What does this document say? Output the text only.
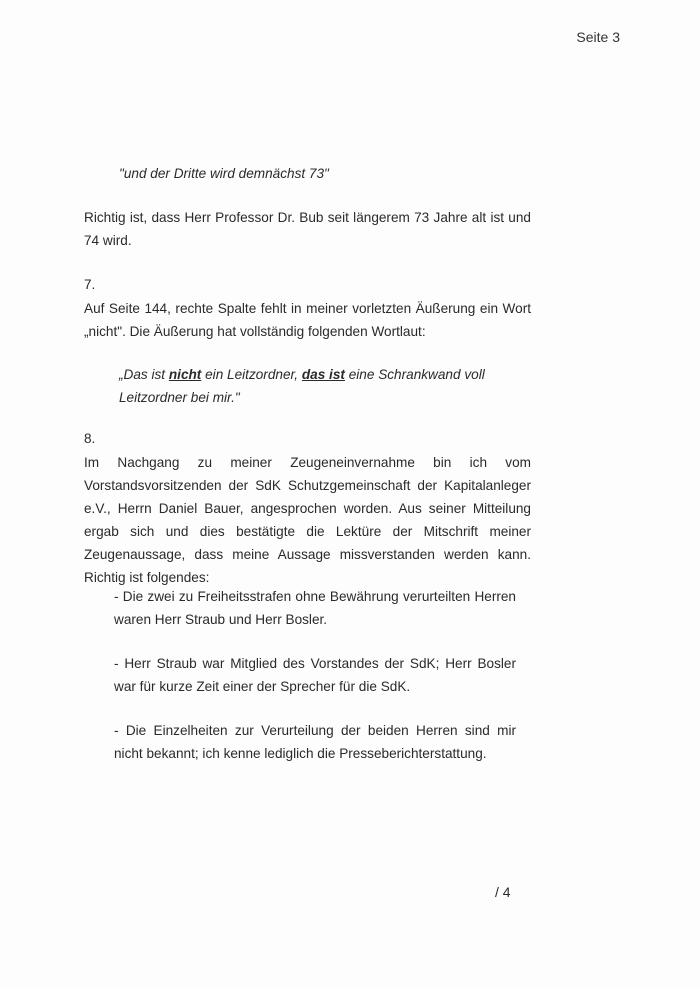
Seite 3
"und der Dritte wird demnächst 73"
Richtig ist, dass Herr Professor Dr. Bub seit längerem 73 Jahre alt ist und 74 wird.
7.
Auf Seite 144, rechte Spalte fehlt in meiner vorletzten Äußerung ein Wort „nicht". Die Äußerung hat vollständig folgenden Wortlaut:
„Das ist nicht ein Leitzordner, das ist eine Schrankwand voll Leitzordner bei mir."
8.
Im Nachgang zu meiner Zeugeneinvernahme bin ich vom Vorstandsvorsitzenden der SdK Schutzgemeinschaft der Kapitalanleger e.V., Herrn Daniel Bauer, angesprochen worden. Aus seiner Mitteilung ergab sich und dies bestätigte die Lektüre der Mitschrift meiner Zeugenaussage, dass meine Aussage missverstanden werden kann. Richtig ist folgendes:
- Die zwei zu Freiheitsstrafen ohne Bewährung verurteilten Herren waren Herr Straub und Herr Bosler.
- Herr Straub war Mitglied des Vorstandes der SdK; Herr Bosler war für kurze Zeit einer der Sprecher für die SdK.
- Die Einzelheiten zur Verurteilung der beiden Herren sind mir nicht bekannt; ich kenne lediglich die Presseberichterstattung.
/ 4
